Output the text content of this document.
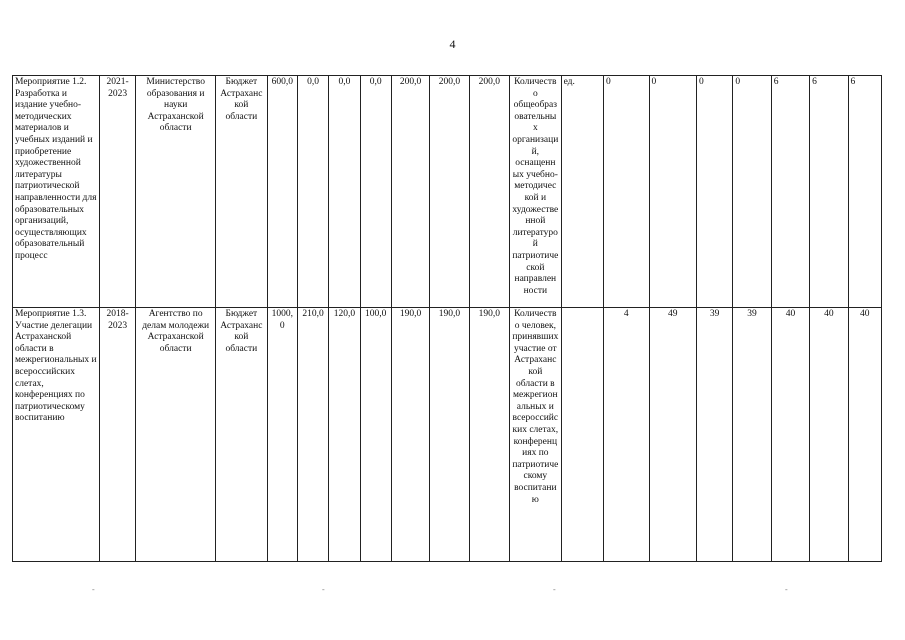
4
Мероприятие 1.2. Разработка и издание учебно-методических материалов и учебных изданий и приобретение художественной литературы патриотической направленности для образовательных организаций, осуществляющих образовательный процесс	2021-2023	Министерство образования и науки Астраханской области	Бюджет Астраханской области	600,0	0,0	0,0	0,0	200,0	200,0	200,0	Количество общеобразовательных организаций, оснащенных учебно-методической и художественной литературой патриотической направленности	ед.	0	0	0	0	6	6	6
Мероприятие 1.3. Участие делегации Астраханской области в межрегиональных и всероссийских слетах, конференциях по патриотическому воспитанию	2018-2023	Агентство по делам молодежи Астраханской области	Бюджет Астраханской области	1000,0	210,0	120,0	100,0	190,0	190,0	190,0	Количество человек, принявших участие от Астраханской области в межрегиональных и всероссийских слетах, конференциях по патриотическому воспитанию		4	49	39	39	40	40	40
-	-	-	-
